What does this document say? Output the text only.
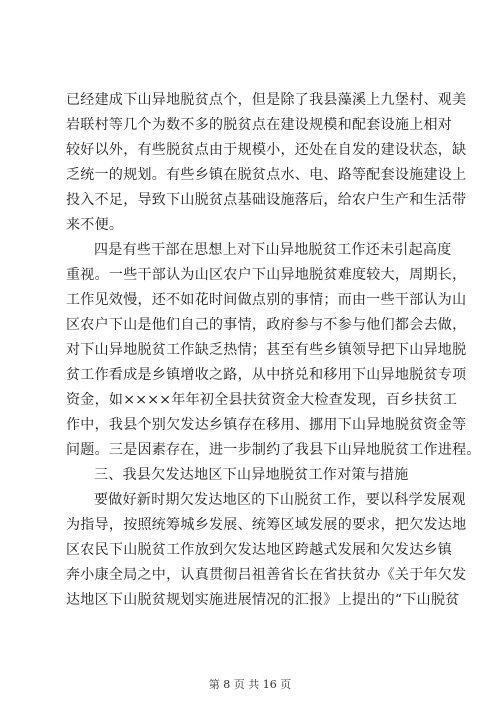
已经建成下山异地脱贫点个，但是除了我县藻溪上九堡村、观美

岩联村等几个为数不多的脱贫点在建设规模和配套设施上相对

较好以外，有些脱贫点由于规模小，还处在自发的建设状态，缺

乏统一的规划。有些乡镇在脱贫点水、电、路等配套设施建设上

投入不足，导致下山脱贫点基础设施落后，给农户生产和生活带

来不便。

四是有些干部在思想上对下山异地脱贫工作还未引起高度

重视。一些干部认为山区农户下山异地脱贫难度较大，周期长，

工作见效慢，还不如花时间做点别的事情；而由一些干部认为山

区农户下山是他们自己的事情，政府参与不参与他们都会去做，

对下山异地脱贫工作缺乏热情；甚至有些乡镇领导把下山异地脱

贫工作看成是乡镇增收之路，从中挤兑和移用下山异地脱贫专项

资金，如××××年年初全县扶贫资金大检查发现，百乡扶贫工

作中，我县个别欠发达乡镇存在移用、挪用下山异地脱贫资金等

问题。三是因素存在，进一步制约了我县下山异地脱贫工作进程。

三、我县欠发达地区下山异地脱贫工作对策与措施

要做好新时期欠发达地区的下山脱贫工作，要以科学发展观

为指导，按照统筹城乡发展、统筹区域发展的要求，把欠发达地

区农民下山脱贫工作放到欠发达地区跨越式发展和欠发达乡镇

奔小康全局之中，认真贯彻吕祖善省长在省扶贫办《关于年欠发

达地区下山脱贫规划实施进展情况的汇报》上提出的“下山脱贫

第 8 页 共 16 页
